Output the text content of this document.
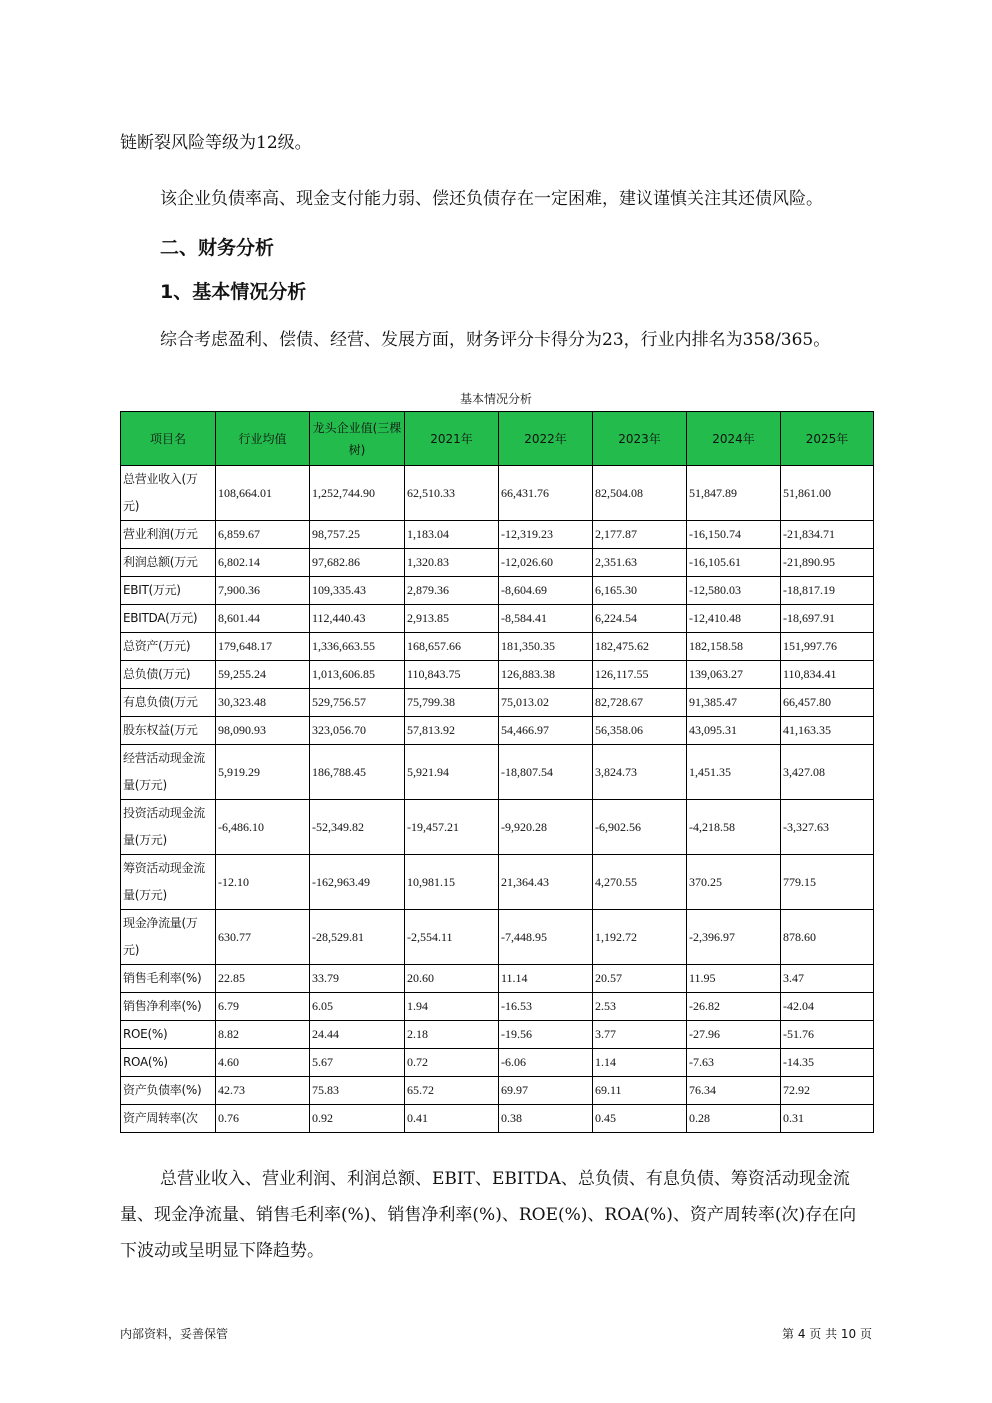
链断裂风险等级为12级。

该企业负债率高、现金支付能力弱、偿还负债存在一定困难，建议谨慎关注其还债风险。

二、财务分析
1、基本情况分析

综合考虑盈利、偿债、经营、发展方面，财务评分卡得分为23，行业内排名为358/365。

基本情况分析
项目名	行业均值	龙头企业值(三棵树)	2021年	2022年	2023年	2024年	2025年
总营业收入(万元)	108,664.01	1,252,744.90	62,510.33	66,431.76	82,504.08	51,847.89	51,861.00
营业利润(万元	6,859.67	98,757.25	1,183.04	-12,319.23	2,177.87	-16,150.74	-21,834.71
利润总额(万元	6,802.14	97,682.86	1,320.83	-12,026.60	2,351.63	-16,105.61	-21,890.95
EBIT(万元)	7,900.36	109,335.43	2,879.36	-8,604.69	6,165.30	-12,580.03	-18,817.19
EBITDA(万元)	8,601.44	112,440.43	2,913.85	-8,584.41	6,224.54	-12,410.48	-18,697.91
总资产(万元)	179,648.17	1,336,663.55	168,657.66	181,350.35	182,475.62	182,158.58	151,997.76
总负债(万元)	59,255.24	1,013,606.85	110,843.75	126,883.38	126,117.55	139,063.27	110,834.41
有息负债(万元	30,323.48	529,756.57	75,799.38	75,013.02	82,728.67	91,385.47	66,457.80
股东权益(万元	98,090.93	323,056.70	57,813.92	54,466.97	56,358.06	43,095.31	41,163.35
经营活动现金流量(万元)	5,919.29	186,788.45	5,921.94	-18,807.54	3,824.73	1,451.35	3,427.08
投资活动现金流量(万元)	-6,486.10	-52,349.82	-19,457.21	-9,920.28	-6,902.56	-4,218.58	-3,327.63
筹资活动现金流量(万元)	-12.10	-162,963.49	10,981.15	21,364.43	4,270.55	370.25	779.15
现金净流量(万元)	630.77	-28,529.81	-2,554.11	-7,448.95	1,192.72	-2,396.97	878.60
销售毛利率(%)	22.85	33.79	20.60	11.14	20.57	11.95	3.47
销售净利率(%)	6.79	6.05	1.94	-16.53	2.53	-26.82	-42.04
ROE(%)	8.82	24.44	2.18	-19.56	3.77	-27.96	-51.76
ROA(%)	4.60	5.67	0.72	-6.06	1.14	-7.63	-14.35
资产负债率(%)	42.73	75.83	65.72	69.97	69.11	76.34	72.92
资产周转率(次	0.76	0.92	0.41	0.38	0.45	0.28	0.31

总营业收入、营业利润、利润总额、EBIT、EBITDA、总负债、有息负债、筹资活动现金流量、现金净流量、销售毛利率(%)、销售净利率(%)、ROE(%)、ROA(%)、资产周转率(次)存在向下波动或呈明显下降趋势。

内部资料，妥善保管	第 4 页 共 10 页
